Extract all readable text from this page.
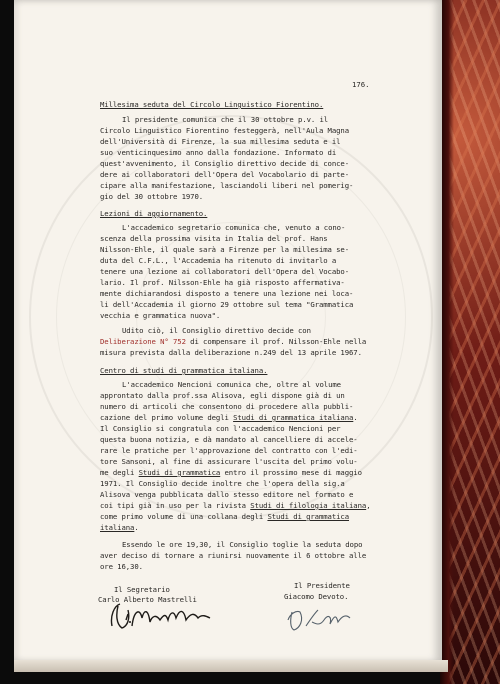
176.
Millesima seduta del Circolo Linguistico Fiorentino.
Il presidente comunica che il 30 ottobre p.v. il
Circolo Linguistico Fiorentino festeggerà, nell'Aula Magna
dell'Università di Firenze, la sua millesima seduta e il
suo venticinquesimo anno dalla fondazione. Informato di
quest'avvenimento, il Consiglio direttivo decide di conce-
dere ai collaboratori dell'Opera del Vocabolario di parte-
cipare alla manifestazione, lasciandoli liberi nel pomerig-
gio del 30 ottobre 1970.
Lezioni di aggiornamento.
L'accademico segretario comunica che, venuto a cono-
scenza della prossima visita in Italia del prof. Hans
Nilsson-Ehle, il quale sarà a Firenze per la millesima se-
duta del C.F.L., l'Accademia ha ritenuto di invitarlo a
tenere una lezione ai collaboratori dell'Opera del Vocabo-
lario. Il prof. Nilsson-Ehle ha già risposto affermativa-
mente dichiarandosi disposto a tenere una lezione nei loca-
li dell'Accademia il giorno 29 ottobre sul tema "Grammatica
vecchia e grammatica nuova".
Udito ciò, il Consiglio direttivo decide con
Deliberazione N° 752 di compensare il prof. Nilsson-Ehle nella
misura prevista dalla deliberazione n.249 del 13 aprile 1967.
Centro di studi di grammatica italiana.
L'accademico Nencioni comunica che, oltre al volume
approntato dalla prof.ssa Alisova, egli dispone già di un
numero di articoli che consentono di procedere alla pubbli-
cazione del primo volume degli Studi di grammatica italiana.
Il Consiglio si congratula con l'accademico Nencioni per
questa buona notizia, e dà mandato al cancelliere di accele-
rare le pratiche per l'approvazione del contratto con l'edi-
tore Sansoni, al fine di assicurare l'uscita del primo volu-
me degli Studi di grammatica entro il prossimo mese di maggio
1971. Il Consiglio decide inoltre che l'opera della sig.a
Alisova venga pubblicata dallo stesso editore nel formato e
coi tipi già in uso per la rivista Studi di filologia italiana,
come primo volume di una collana degli Studi di grammatica
italiana.
Essendo le ore 19,30, il Consiglio toglie la seduta dopo
aver deciso di tornare a riunirsi nuovamente il 6 ottobre alle
ore 16,30.
Il Segretario
Carlo Alberto Mastrelli
Il Presidente
Giacomo Devoto.
